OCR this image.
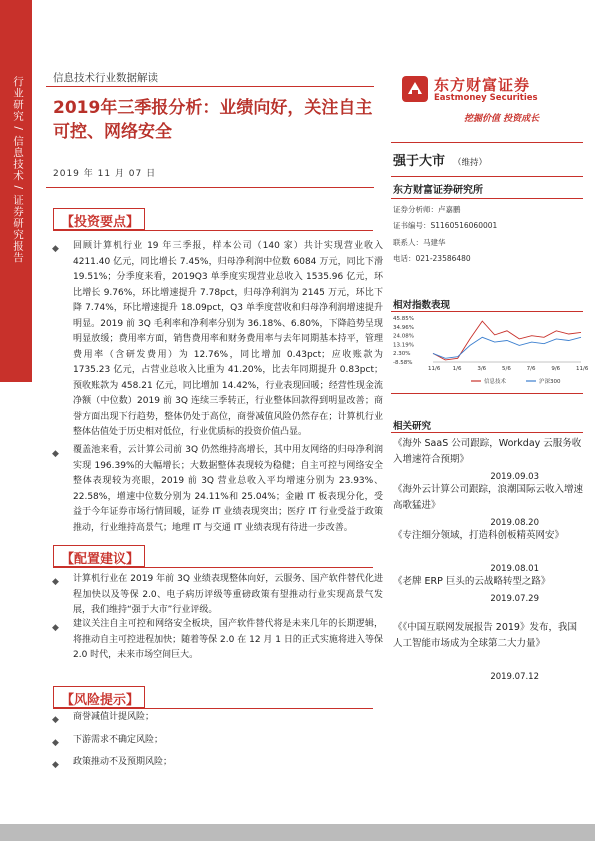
行业研究 / 信息技术 / 证券研究报告	信息技术行业数据解读
2019年三季报分析：业绩向好，关注自主可控、网络安全
2019 年 11 月 07 日
东方财富证券
Eastmoney Securities
挖掘价值 投资成长
强于大市 （维持）
东方财富证券研究所
证券分析师：卢嘉鹏
证书编号：S1160516060001
联系人：马建华
电话：021-23586480
相对指数表现
45.85%
34.96%
24.08%
13.19%
2.30%
-8.58%
11/6 1/6	3/6	5/6	7/6	9/6	11/6
信息技术	沪深300
相关研究
《海外 SaaS 公司跟踪，Workday 云服务收入增速符合预期》
2019.09.03
《海外云计算公司跟踪，浪潮国际云收入增速高歌猛进》
2019.08.20
《专注细分领域，打造科创板精英网安》
2019.08.01
《老牌 ERP 巨头的云战略转型之路》
2019.07.29
《《中国互联网发展报告 2019》发布，我国人工智能市场成为全球第二大力量》
2019.07.12
【投资要点】
◆ 回顾计算机行业 19 年三季报，样本公司（140 家）共计实现营业收入 4211.40 亿元，同比增长 7.45%，归母净利润中位数 6084 万元，同比下滑 19.51%；分季度来看，2019Q3 单季度实现营业总收入 1535.96 亿元，环比增长 9.76%，环比增速提升 7.78pct，归母净利润为 2145 万元，环比下降 7.74%，环比增速提升 18.09pct，Q3 单季度营收和归母净利润增速提升明显。2019 前 3Q 毛利率和净利率分别为 36.18%、6.80%，下降趋势呈现明显放缓；费用率方面，销售费用率和财务费用率与去年同期基本持平，管理费用率（含研发费用）为 12.76%，同比增加 0.43pct；应收账款为 1735.23 亿元，占营业总收入比重为 41.20%，比去年同期提升 0.83pct；预收账款为 458.21 亿元，同比增加 14.42%，行业表现回暖；经营性现金流净额（中位数）2019 前 3Q 连续三季转正，行业整体回款得到明显改善；商誉方面出现下行趋势，整体仍处于高位，商誉减值风险仍然存在；计算机行业整体估值处于历史相对低位，行业优质标的投资价值凸显。
◆ 覆盖池来看，云计算公司前 3Q 仍然维持高增长，其中用友网络的归母净利润实现 196.39%的大幅增长；大数据整体表现较为稳健；自主可控与网络安全整体表现较为亮眼，2019 前 3Q 营业总收入平均增速分别为 23.93%、22.58%，增速中位数分别为 24.11%和 25.04%；金融 IT 板表现分化，受益于今年证券市场行情回暖，证券 IT 业绩表现突出；医疗 IT 行业受益于政策推动，行业维持高景气；地理 IT 与交通 IT 业绩表现有待进一步改善。
【配置建议】
◆ 计算机行业在 2019 年前 3Q 业绩表现整体向好，云服务、国产软件替代化进程加快以及等保 2.0、电子病历评级等重磅政策有望推动行业实现高景气发展，我们维持“强于大市”行业评级。
◆ 建议关注自主可控和网络安全板块，国产软件替代将是未来几年的长期逻辑，将推动自主可控进程加快；随着等保 2.0 在 12 月 1 日的正式实施将进入等保 2.0 时代，未来市场空间巨大。
【风险提示】
◆ 商誉减值计提风险；
◆ 下游需求不确定风险；
◆ 政策推动不及预期风险；
